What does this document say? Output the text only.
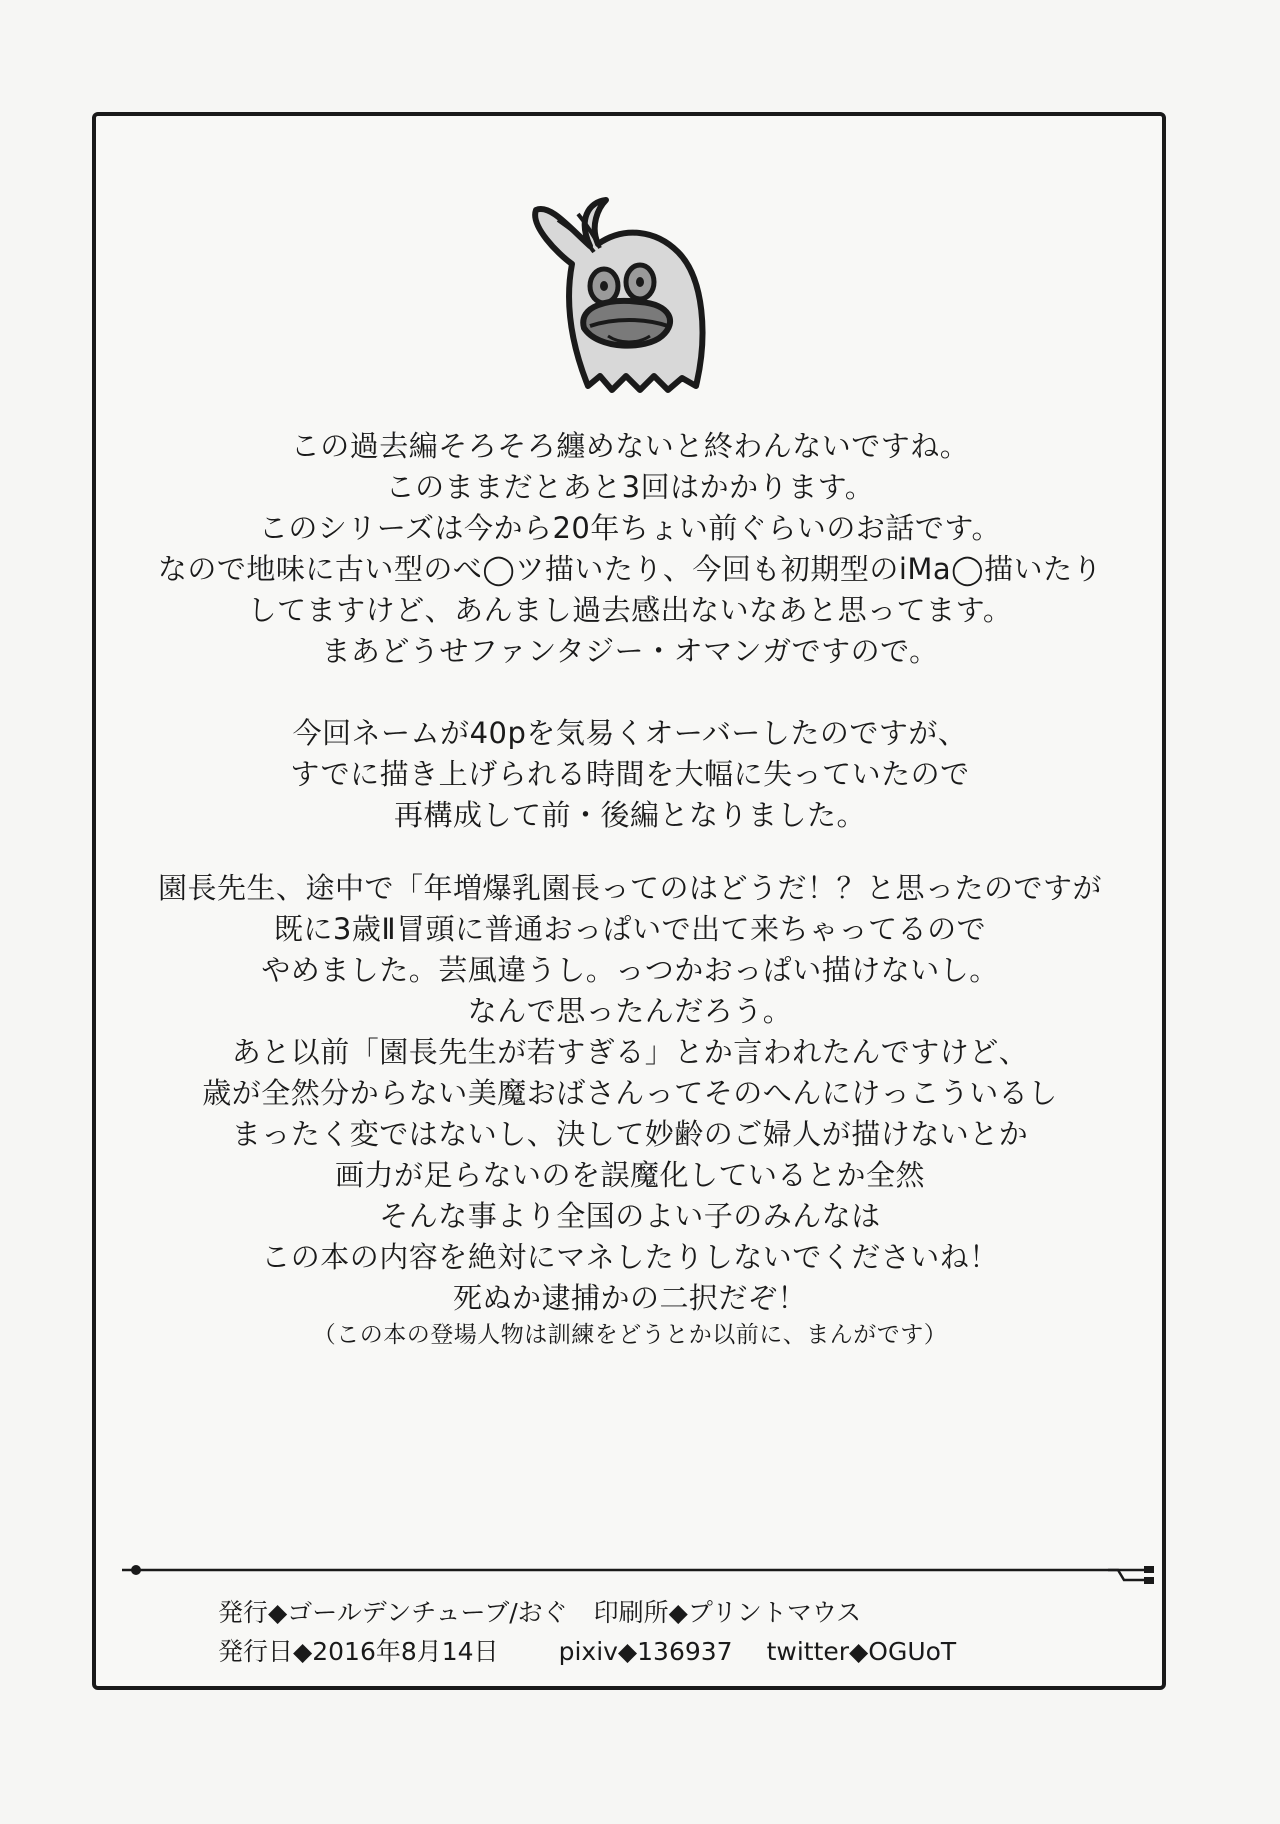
この過去編そろそろ纏めないと終わんないですね。

このままだとあと3回はかかります。

このシリーズは今から20年ちょい前ぐらいのお話です。

なので地味に古い型のべ◯ツ描いたり、今回も初期型のiMa◯描いたり

してますけど、あんまし過去感出ないなあと思ってます。

まあどうせファンタジー・オマンガですので。

今回ネームが40pを気易くオーバーしたのですが、

すでに描き上げられる時間を大幅に失っていたので

再構成して前・後編となりました。

園長先生、途中で「年増爆乳園長ってのはどうだ！？と思ったのですが

既に3歳Ⅱ冒頭に普通おっぱいで出て来ちゃってるので

やめました。芸風違うし。っつかおっぱい描けないし。

なんで思ったんだろう。

あと以前「園長先生が若すぎる」とか言われたんですけど、

歳が全然分からない美魔おばさんってそのへんにけっこういるし

まったく変ではないし、決して妙齢のご婦人が描けないとか

画力が足らないのを誤魔化しているとか全然

そんな事より全国のよい子のみんなは

この本の内容を絶対にマネしたりしないでくださいね！

死ぬか逮捕かの二択だぞ！

（この本の登場人物は訓練をどうとか以前に、まんがです）

発行◆ゴールデンチューブ/おぐ 印刷所◆プリントマウス
発行日◆2016年8月14日 pixiv◆136937 twitter◆OGUoT
